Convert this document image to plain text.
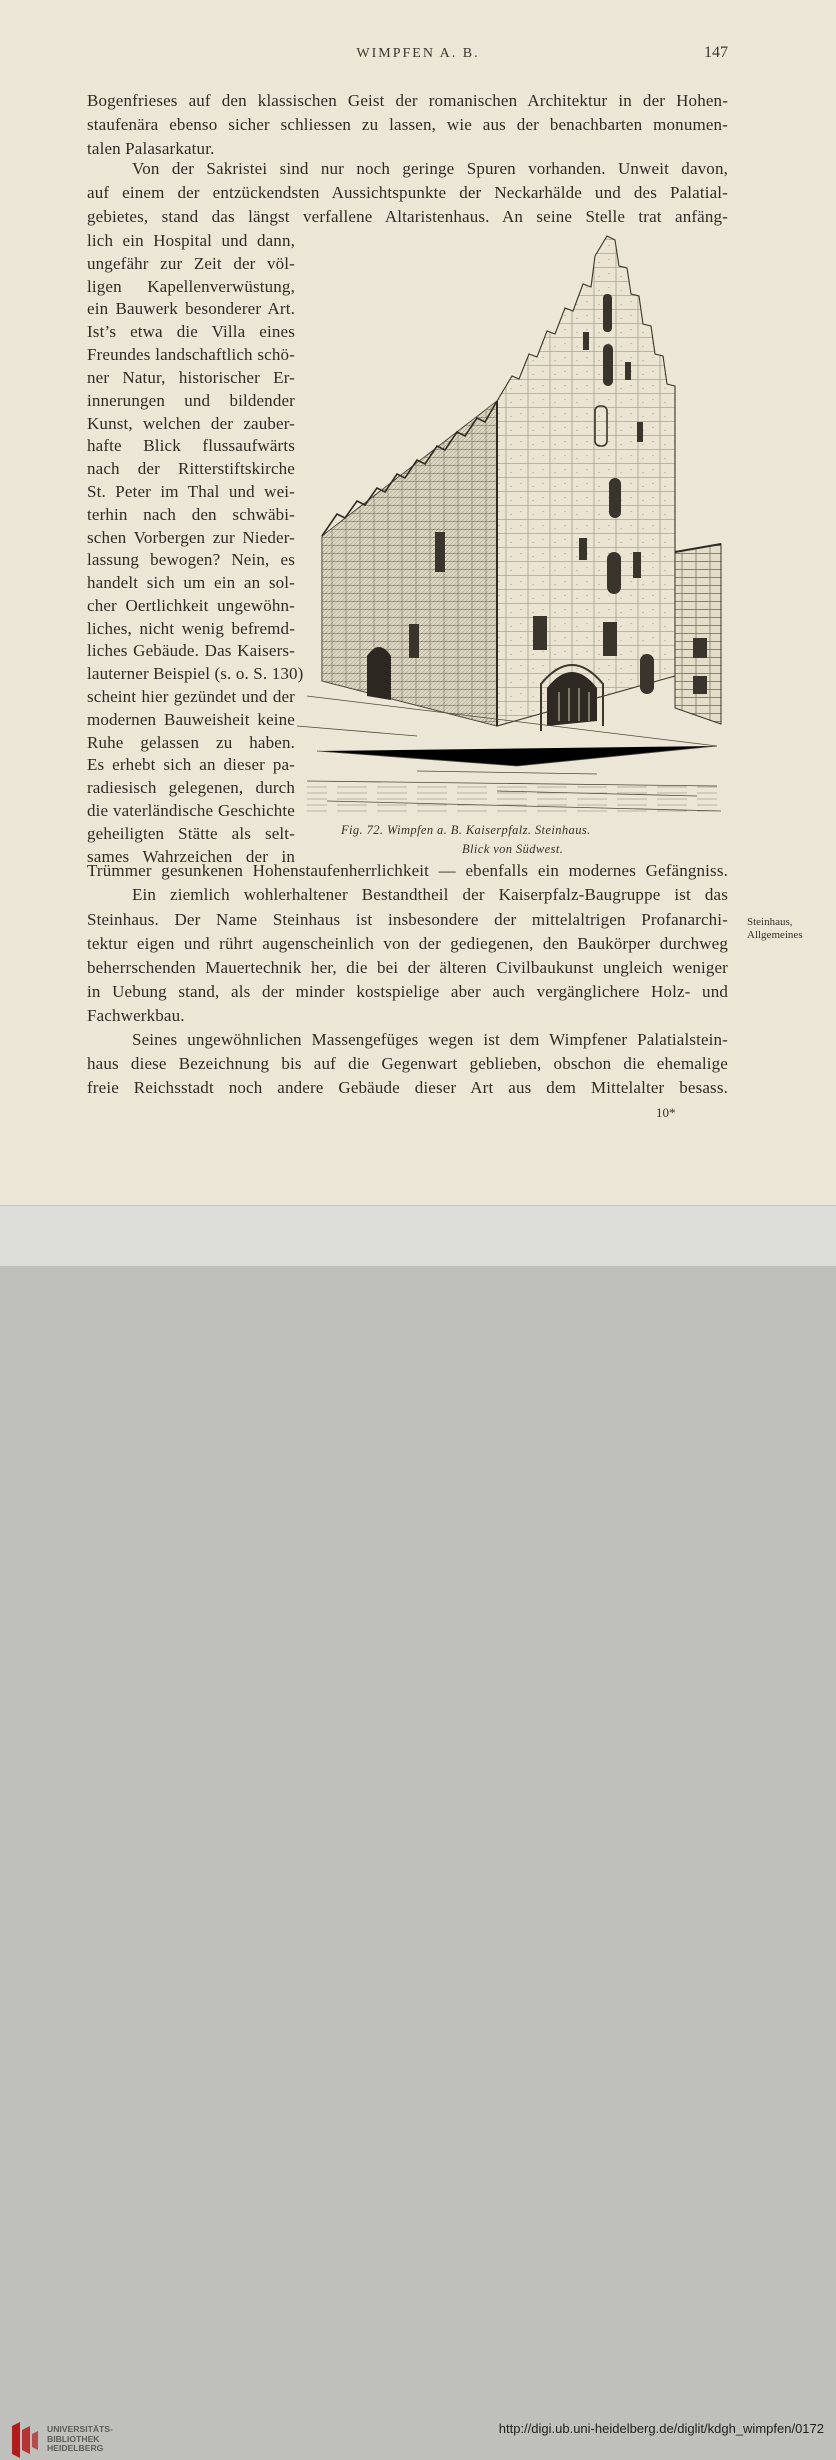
WIMPFEN A. B.	147
Bogenfrieses auf den klassischen Geist der romanischen Architektur in der Hohen-
staufenära ebenso sicher schliessen zu lassen, wie aus der benachbarten monumen-
talen Palasarkatur.
Von der Sakristei sind nur noch geringe Spuren vorhanden. Unweit davon,
auf einem der entzückendsten Aussichtspunkte der Neckarhälde und des Palatial-
gebietes, stand das längst verfallene Altaristenhaus. An seine Stelle trat anfäng-
lich ein Hospital und dann,
ungefähr zur Zeit der völ-
ligen Kapellenverwüstung,
ein Bauwerk besonderer Art.
Ist’s etwa die Villa eines
Freundes landschaftlich schö-
ner Natur, historischer Er-
innerungen und bildender
Kunst, welchen der zauber-
hafte Blick flussaufwärts
nach der Ritterstiftskirche
St. Peter im Thal und wei-
terhin nach den schwäbi-
schen Vorbergen zur Nieder-
lassung bewogen? Nein, es
handelt sich um ein an sol-
cher Oertlichkeit ungewöhn-
liches, nicht wenig befremd-
liches Gebäude. Das Kaisers-
lauterner Beispiel (s. o. S. 130)
scheint hier gezündet und der
modernen Bauweisheit keine
Ruhe gelassen zu haben.
Es erhebt sich an dieser pa-
radiesisch gelegenen, durch
die vaterländische Geschichte
geheiligten Stätte als selt-
sames Wahrzeichen der in
Trümmer gesunkenen Hohenstaufenherrlichkeit — ebenfalls ein modernes Gefängniss.
Ein ziemlich wohlerhaltener Bestandtheil der Kaiserpfalz-Baugruppe ist das
Steinhaus. Der Name Steinhaus ist insbesondere der mittelaltrigen Profanarchi-
tektur eigen und rührt augenscheinlich von der gediegenen, den Baukörper durchweg
beherrschenden Mauertechnik her, die bei der älteren Civilbaukunst ungleich weniger
in Uebung stand, als der minder kostspielige aber auch vergänglichere Holz- und
Fachwerkbau.
Seines ungewöhnlichen Massengefüges wegen ist dem Wimpfener Palatialstein-
haus diese Bezeichnung bis auf die Gegenwart geblieben, obschon die ehemalige
freie Reichsstadt noch andere Gebäude dieser Art aus dem Mittelalter besass.
Fig. 72. Wimpfen a. B. Kaiserpfalz. Steinhaus.
Blick von Südwest.
Steinhaus,
Allgemeines
10*
UNIVERSITÄTS-
BIBLIOTHEK
HEIDELBERG
http://digi.ub.uni-heidelberg.de/diglit/kdgh_wimpfen/0172
